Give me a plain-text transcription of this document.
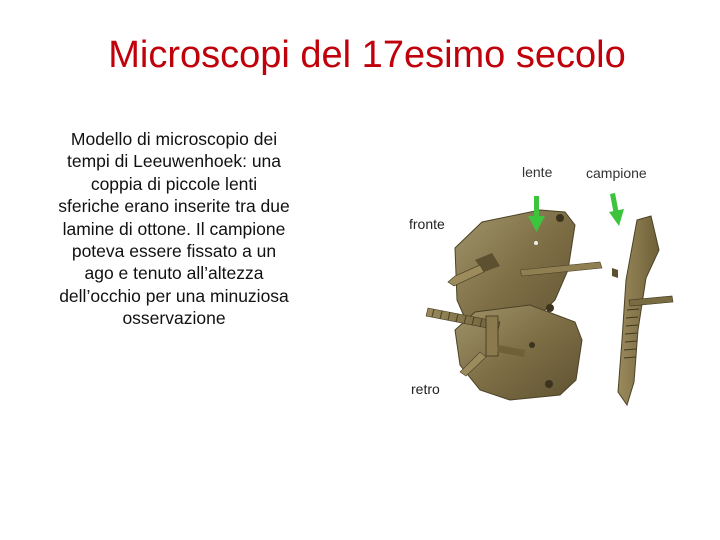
Microscopi del 17esimo secolo
Modello di microscopio dei tempi di Leeuwenhoek: una coppia di piccole lenti sferiche erano inserite tra due lamine di ottone. Il campione poteva essere fissato a un ago e tenuto all’altezza dell’occhio per una minuziosa osservazione
lente campione
fronte
retro
